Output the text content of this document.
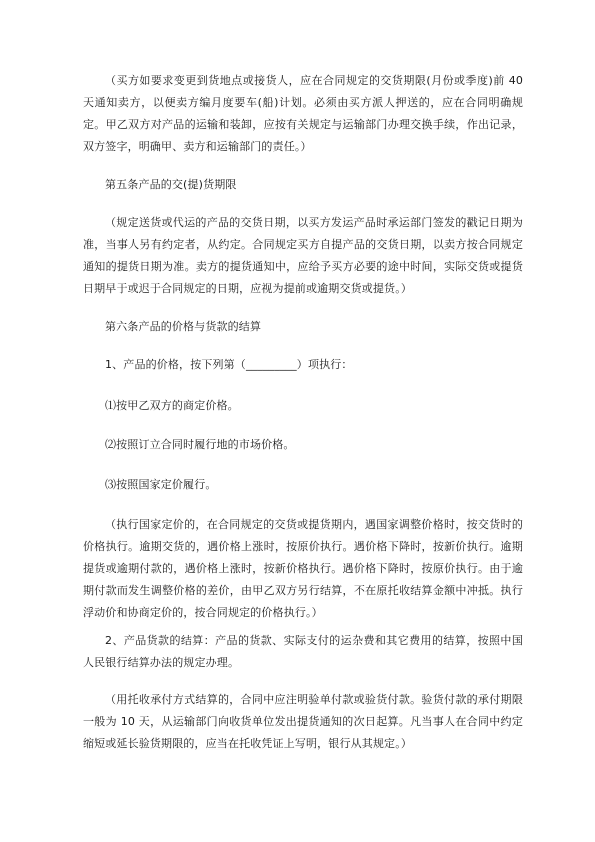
（买方如要求变更到货地点或接货人，应在合同规定的交货期限(月份或季度)前 40 天通知卖方，以便卖方编月度要车(船)计划。必须由买方派人押送的，应在合同明确规定。甲乙双方对产品的运输和装卸，应按有关规定与运输部门办理交换手续，作出记录，双方签字，明确甲、卖方和运输部门的责任。）
第五条产品的交(提)货期限
（规定送货或代运的产品的交货日期，以买方发运产品时承运部门签发的戳记日期为准，当事人另有约定者，从约定。合同规定买方自提产品的交货日期，以卖方按合同规定通知的提货日期为准。卖方的提货通知中，应给予买方必要的途中时间，实际交货或提货日期早于或迟于合同规定的日期，应视为提前或逾期交货或提货。）
第六条产品的价格与货款的结算
1、产品的价格，按下列第（_________）项执行：
⑴按甲乙双方的商定价格。
⑵按照订立合同时履行地的市场价格。
⑶按照国家定价履行。
（执行国家定价的，在合同规定的交货或提货期内，遇国家调整价格时，按交货时的价格执行。逾期交货的，遇价格上涨时，按原价执行。遇价格下降时，按新价执行。逾期提货或逾期付款的，遇价格上涨时，按新价格执行。遇价格下降时，按原价执行。由于逾期付款而发生调整价格的差价，由甲乙双方另行结算，不在原托收结算金额中冲抵。执行浮动价和协商定价的，按合同规定的价格执行。）
2、产品货款的结算：产品的货款、实际支付的运杂费和其它费用的结算，按照中国人民银行结算办法的规定办理。
（用托收承付方式结算的，合同中应注明验单付款或验货付款。验货付款的承付期限一般为 10 天，从运输部门向收货单位发出提货通知的次日起算。凡当事人在合同中约定缩短或延长验货期限的，应当在托收凭证上写明，银行从其规定。）
